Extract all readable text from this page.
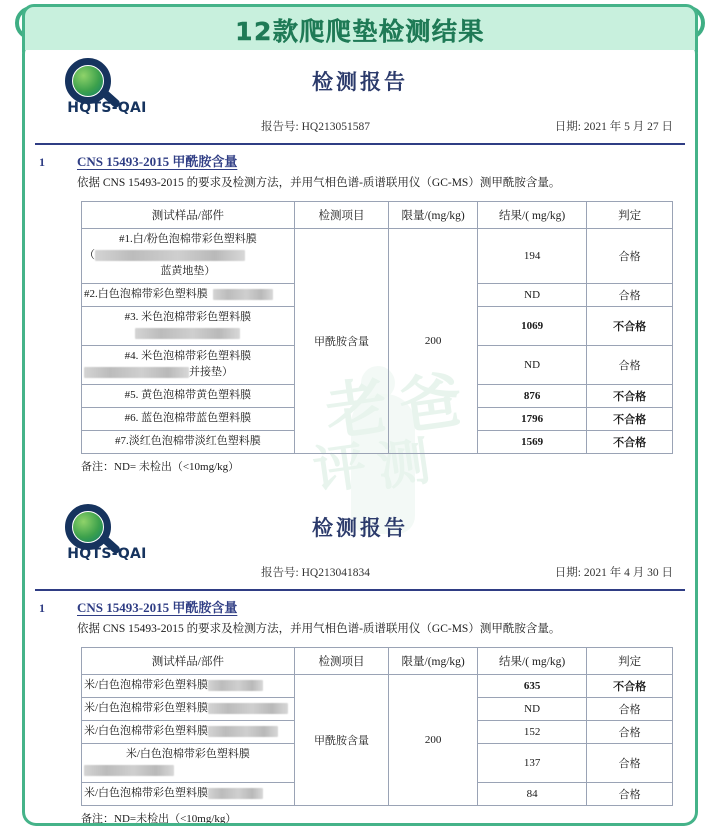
12款爬爬垫检测结果
老 爸
评 测
HQTS-QAI
检测报告
报告号: HQ213051587	日期: 2021 年 5 月 27 日
1	CNS 15493-2015 甲酰胺含量
依据 CNS 15493-2015 的要求及检测方法，并用气相色谱-质谱联用仪（GC-MS）测甲酰胺含量。
测试样品/部件	检测项目	限量/(mg/kg)	结果/( mg/kg)	判定

#1.白/粉色泡棉带彩色塑料膜
（
蓝黄地垫）	甲酰胺含量	200	194	合格

#2.白色泡棉带彩色塑料膜			ND	合格

#3. 米色泡棉带彩色塑料膜			1069	不合格

#4. 米色泡棉带彩色塑料膜
并接垫）			ND	合格

#5. 黄色泡棉带黄色塑料膜			876	不合格

#6. 蓝色泡棉带蓝色塑料膜			1796	不合格

#7.淡红色泡棉带淡红色塑料膜			1569	不合格
备注：ND= 未检出（<10mg/kg）
HQTS-QAI
检测报告
报告号: HQ213041834	日期: 2021 年 4 月 30 日
1	CNS 15493-2015 甲酰胺含量
依据 CNS 15493-2015 的要求及检测方法，并用气相色谱-质谱联用仪（GC-MS）测甲酰胺含量。
测试样品/部件	检测项目	限量/(mg/kg)	结果/( mg/kg)	判定

米/白色泡棉带彩色塑料膜	甲酰胺含量	200	635	不合格

米/白色泡棉带彩色塑料膜			ND	合格

米/白色泡棉带彩色塑料膜			152	合格

米/白色泡棉带彩色塑料膜			137	合格

米/白色泡棉带彩色塑料膜			84	合格
备注：ND=未检出（<10mg/kg）
